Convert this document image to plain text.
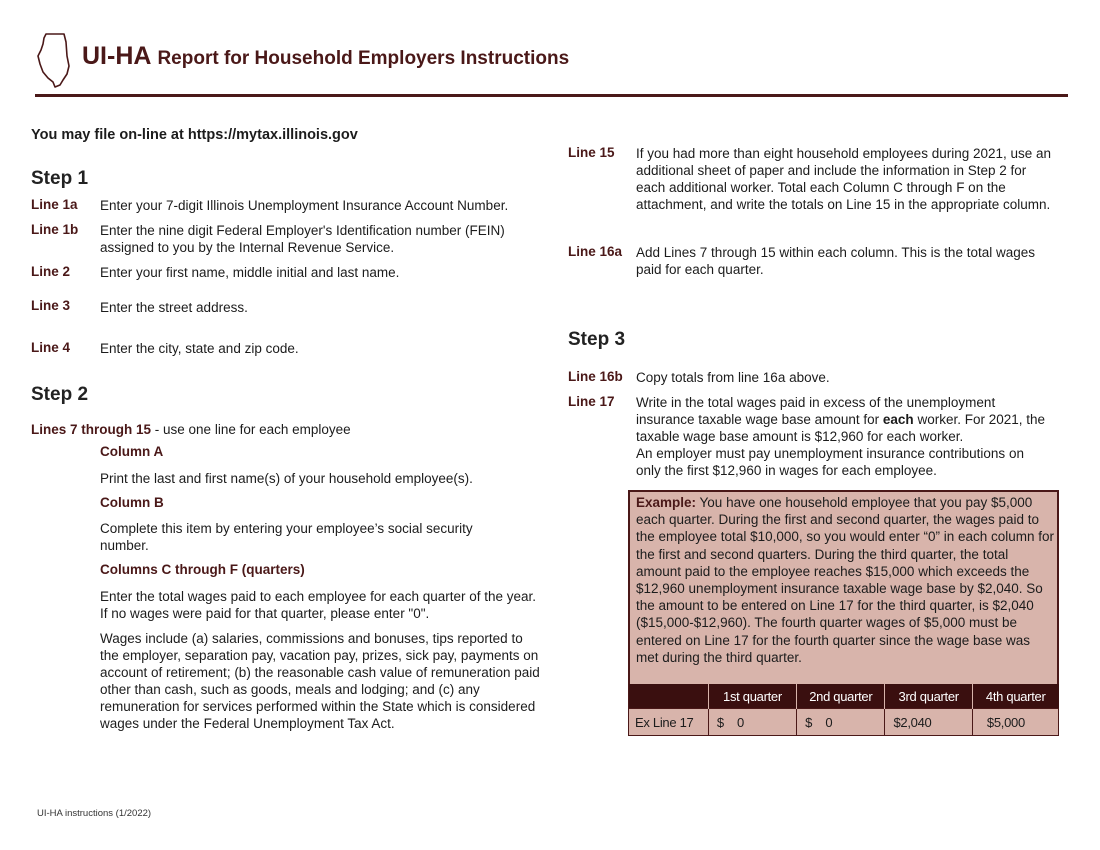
UI-HA Report for Household Employers Instructions
You may file on-line at https://mytax.illinois.gov
Step 1
Line 1a Enter your 7-digit Illinois Unemployment Insurance Account Number.
Line 1b Enter the nine digit Federal Employer's Identification number (FEIN) assigned to you by the Internal Revenue Service.
Line 2 Enter your first name, middle initial and last name.
Line 3 Enter the street address.
Line 4 Enter the city, state and zip code.
Step 2
Lines 7 through 15 - use one line for each employee
Column A
Print the last and first name(s) of your household employee(s).
Column B
Complete this item by entering your employee’s social security number.
Columns C through F (quarters)
Enter the total wages paid to each employee for each quarter of the year. If no wages were paid for that quarter, please enter "0".
Wages include (a) salaries, commissions and bonuses, tips reported to the employer, separation pay, vacation pay, prizes, sick pay, payments on account of retirement; (b) the reasonable cash value of remuneration paid other than cash, such as goods, meals and lodging; and (c) any remuneration for services performed within the State which is considered wages under the Federal Unemployment Tax Act.
Line 15 If you had more than eight household employees during 2021, use an additional sheet of paper and include the information in Step 2 for each additional worker. Total each Column C through F on the attachment, and write the totals on Line 15 in the appropriate column.
Line 16a Add Lines 7 through 15 within each column. This is the total wages paid for each quarter.
Step 3
Line 16b Copy totals from line 16a above.
Line 17 Write in the total wages paid in excess of the unemployment insurance taxable wage base amount for each worker. For 2021, the taxable wage base amount is $12,960 for each worker.
An employer must pay unemployment insurance contributions on only the first $12,960 in wages for each employee.
Example: You have one household employee that you pay $5,000 each quarter. During the first and second quarter, the wages paid to the employee total $10,000, so you would enter “0” in each column for the first and second quarters. During the third quarter, the total amount paid to the employee reaches $15,000 which exceeds the $12,960 unemployment insurance taxable wage base by $2,040. So the amount to be entered on Line 17 for the third quarter, is $2,040 ($15,000-$12,960). The fourth quarter wages of $5,000 must be entered on Line 17 for the fourth quarter since the wage base was met during the third quarter.
	1st quarter	2nd quarter	3rd quarter	4th quarter
Ex Line 17	$    0	$    0	$2,040	$5,000
UI-HA instructions (1/2022)
